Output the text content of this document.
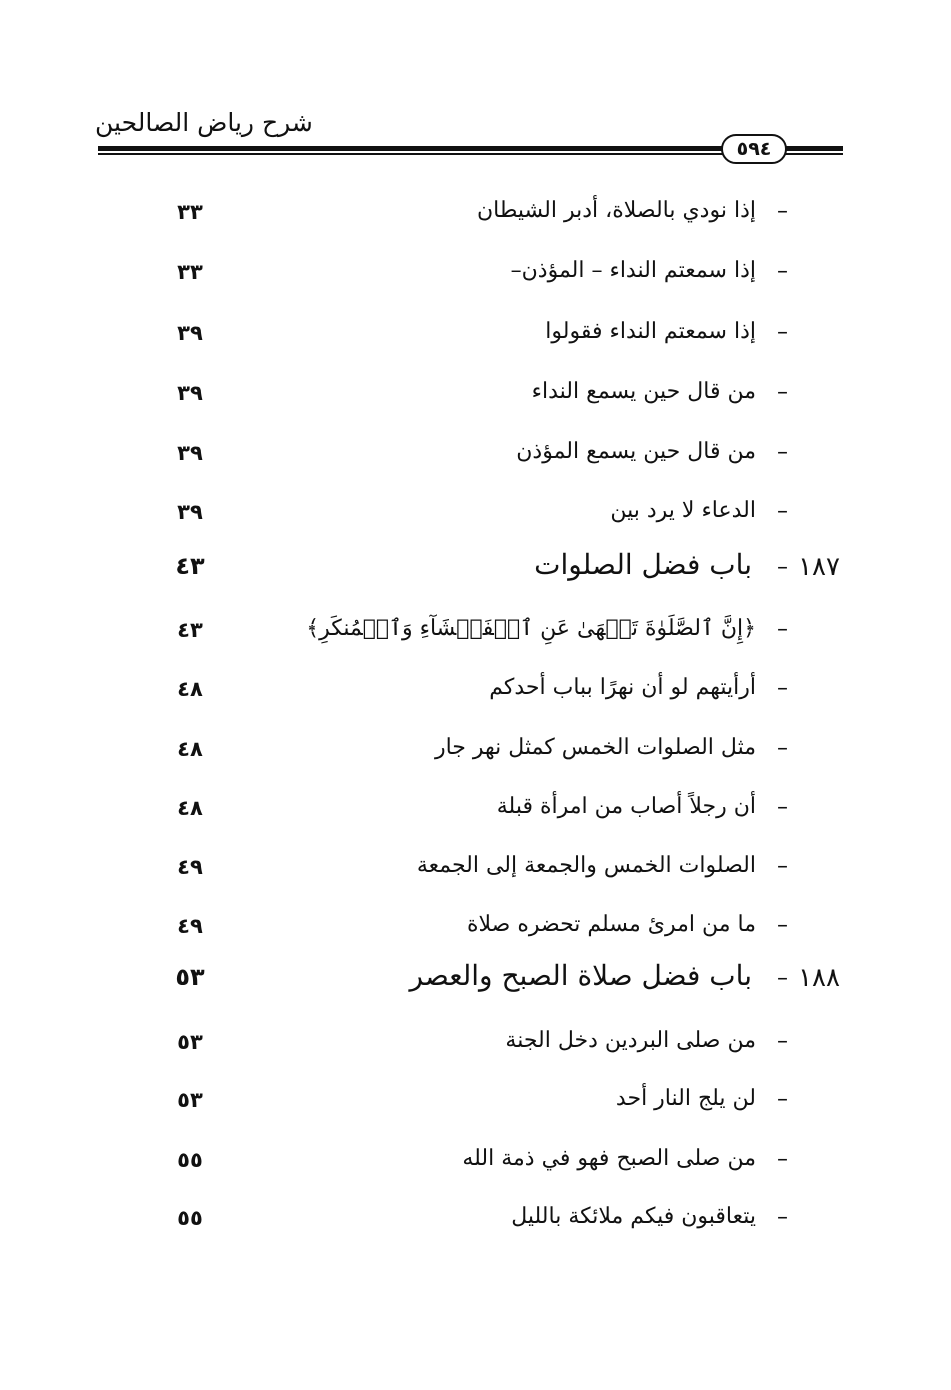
شرح رياض الصالحين
٥٩٤
–
إذا نودي بالصلاة، أدبر الشيطان
٣٣
–
إذا سمعتم النداء – المؤذن–
٣٣
–
إذا سمعتم النداء فقولوا
٣٩
–
من قال حين يسمع النداء
٣٩
–
من قال حين يسمع المؤذن
٣٩
–
الدعاء لا يرد بين
٣٩
١٨٧
–
باب فضل الصلوات
٤٣
–
﴿إِنَّ ٱلصَّلَوٰةَ تَنۡهَىٰ عَنِ ٱلۡفَحۡشَآءِ وَٱلۡمُنكَرِ﴾
٤٣
–
أرأيتهم لو أن نهرًا بباب أحدكم
٤٨
–
مثل الصلوات الخمس كمثل نهر جار
٤٨
–
أن رجلاً أصاب من امرأة قبلة
٤٨
–
الصلوات الخمس والجمعة إلى الجمعة
٤٩
–
ما من امرئ مسلم تحضره صلاة
٤٩
١٨٨
–
باب فضل صلاة الصبح والعصر
٥٣
–
من صلى البردين دخل الجنة
٥٣
–
لن يلج النار أحد
٥٣
–
من صلى الصبح فهو في ذمة الله
٥٥
–
يتعاقبون فيكم ملائكة بالليل
٥٥
